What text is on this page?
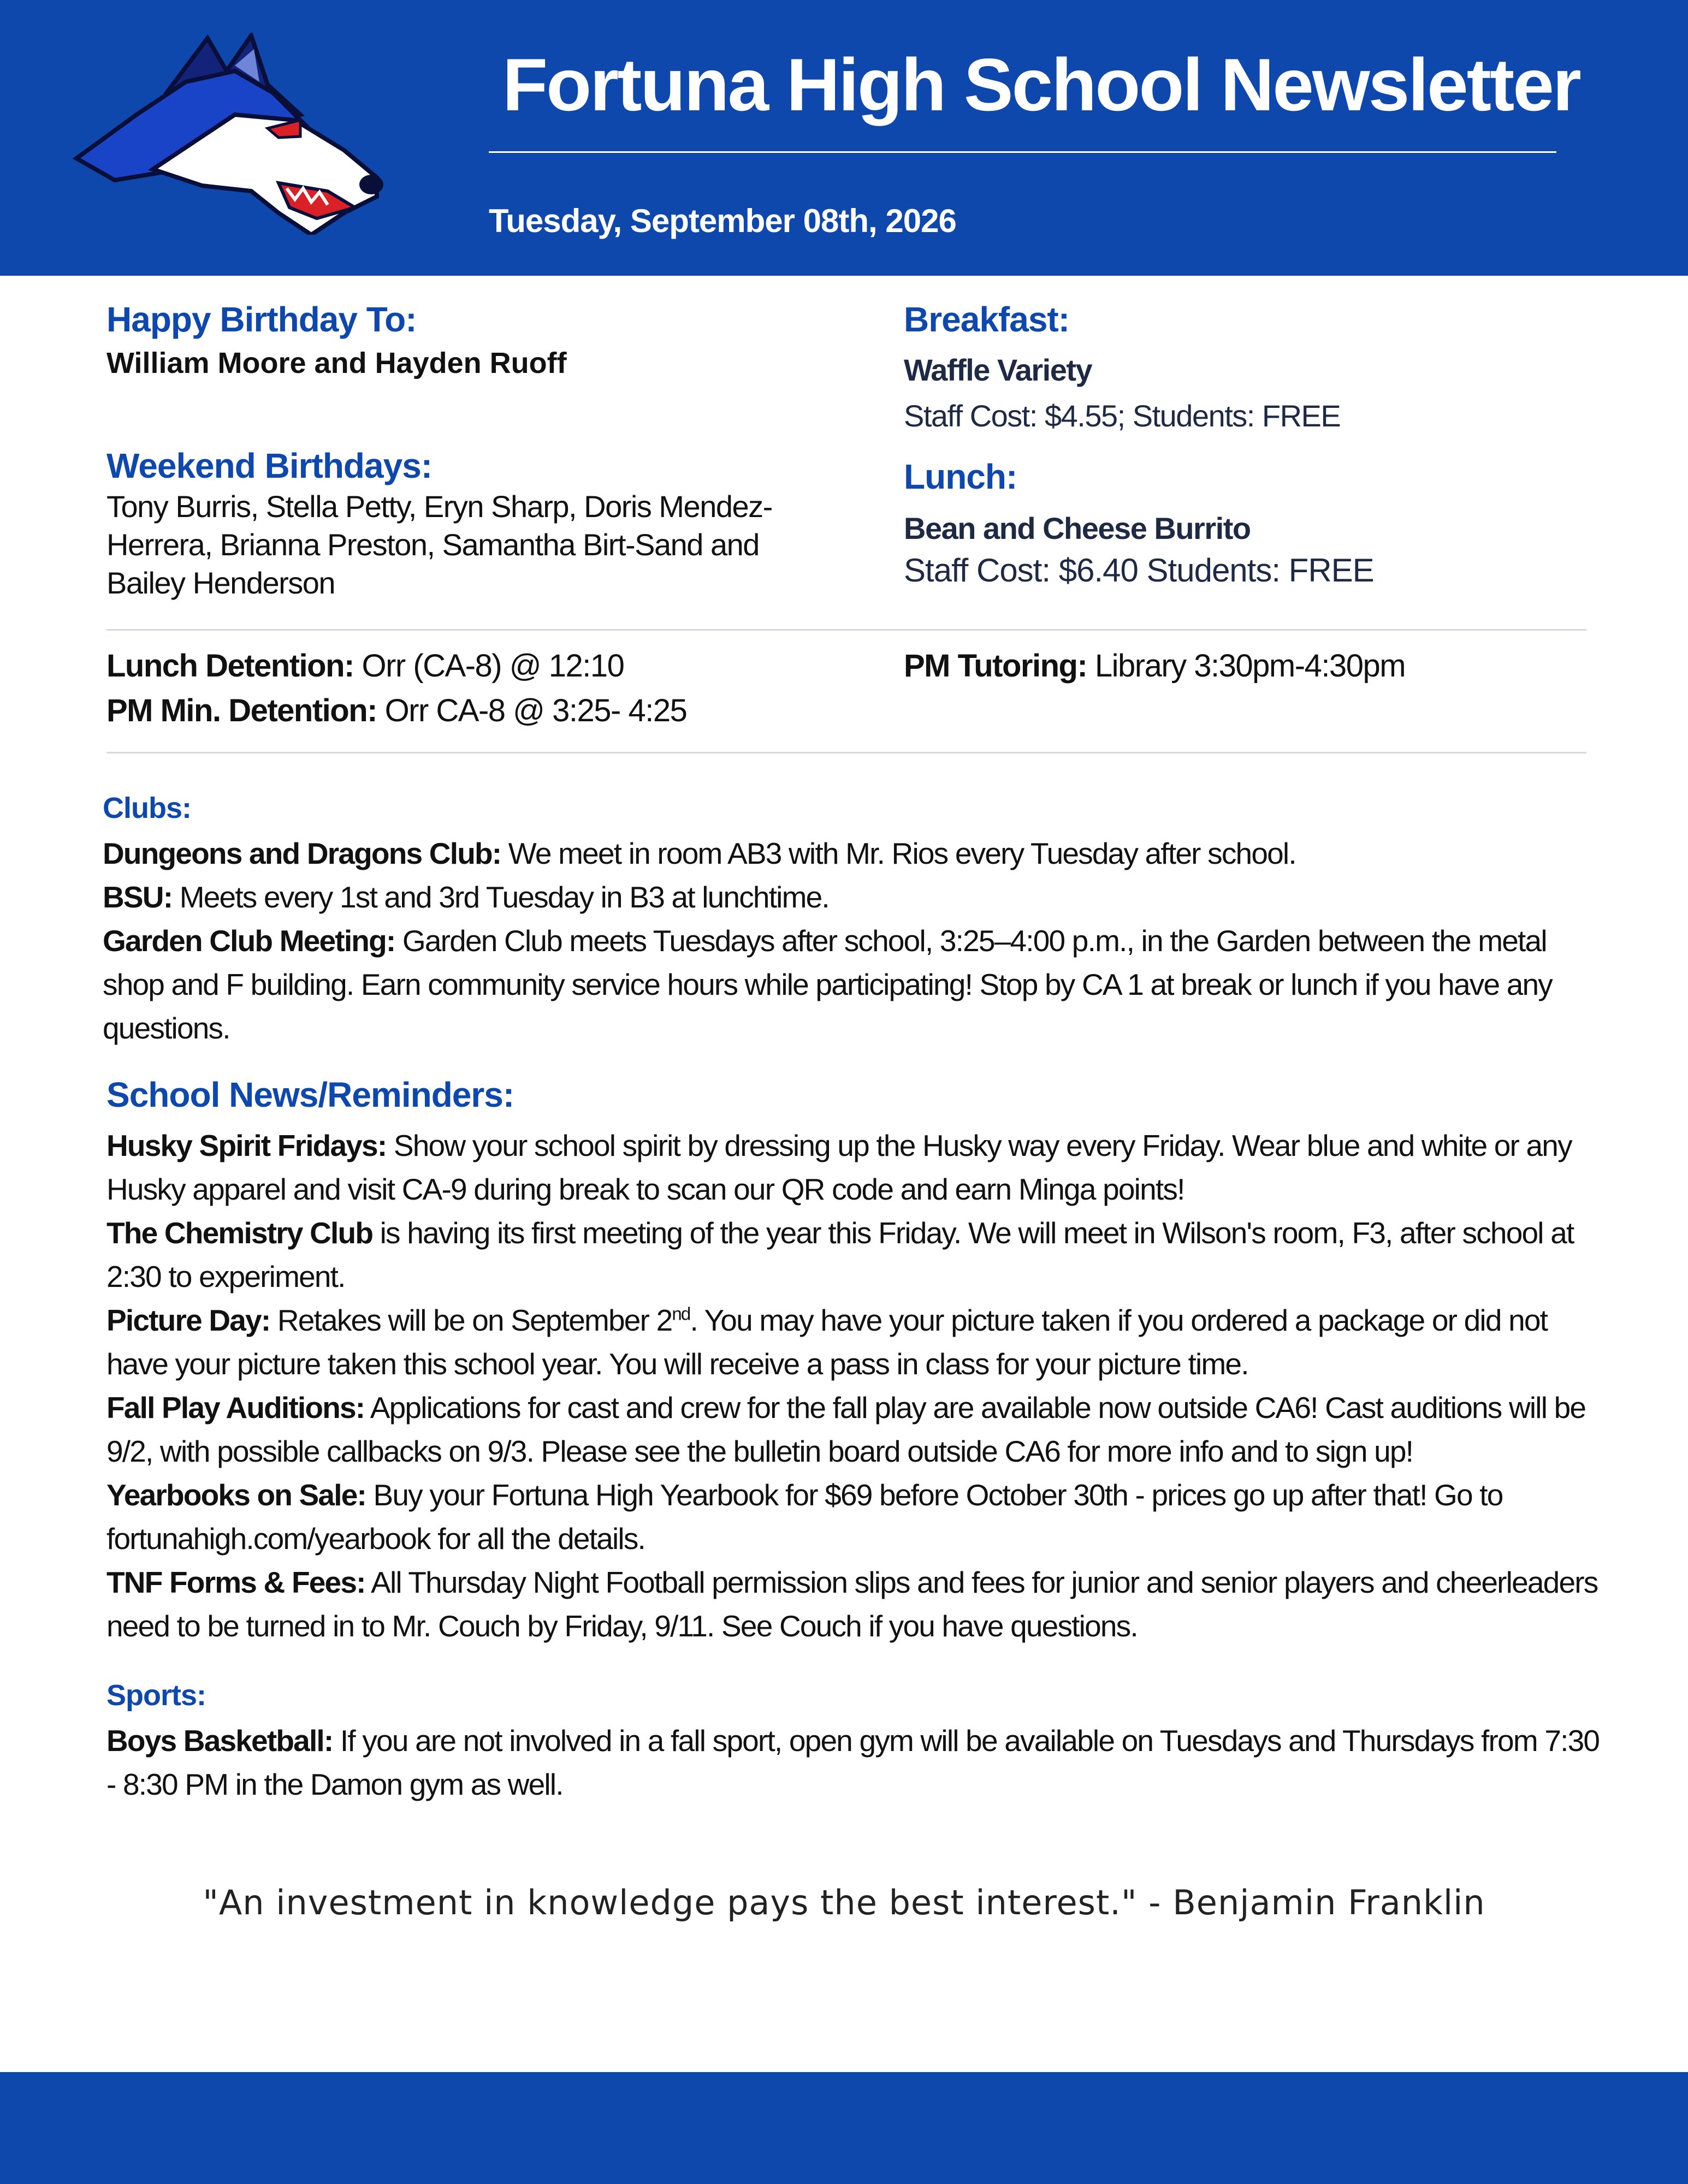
Fortuna High School Newsletter
Tuesday, September 08th, 2026
Happy Birthday To:
William Moore and Hayden Ruoff
Weekend Birthdays:
Tony Burris, Stella Petty, Eryn Sharp, Doris Mendez- Herrera, Brianna Preston, Samantha Birt-Sand and Bailey Henderson
Breakfast:
Waffle Variety
Staff Cost: $4.55; Students: FREE
Lunch:
Bean and Cheese Burrito
Staff Cost: $6.40 Students: FREE
Lunch Detention: Orr (CA-8) @ 12:10
PM Min. Detention: Orr CA-8 @ 3:25- 4:25
PM Tutoring: Library 3:30pm-4:30pm
Clubs:
Dungeons and Dragons Club: We meet in room AB3 with Mr. Rios every Tuesday after school.
BSU: Meets every 1st and 3rd Tuesday in B3 at lunchtime.
Garden Club Meeting: Garden Club meets Tuesdays after school, 3:25–4:00 p.m., in the Garden between the metal shop and F building. Earn community service hours while participating! Stop by CA 1 at break or lunch if you have any questions.
School News/Reminders:
Husky Spirit Fridays: Show your school spirit by dressing up the Husky way every Friday. Wear blue and white or any Husky apparel and visit CA-9 during break to scan our QR code and earn Minga points!
The Chemistry Club is having its first meeting of the year this Friday. We will meet in Wilson's room, F3, after school at 2:30 to experiment.
Picture Day: Retakes will be on September 2nd. You may have your picture taken if you ordered a package or did not have your picture taken this school year. You will receive a pass in class for your picture time.
Fall Play Auditions: Applications for cast and crew for the fall play are available now outside CA6! Cast auditions will be 9/2, with possible callbacks on 9/3. Please see the bulletin board outside CA6 for more info and to sign up!
Yearbooks on Sale: Buy your Fortuna High Yearbook for $69 before October 30th - prices go up after that! Go to fortunahigh.com/yearbook for all the details.
TNF Forms & Fees: All Thursday Night Football permission slips and fees for junior and senior players and cheerleaders need to be turned in to Mr. Couch by Friday, 9/11. See Couch if you have questions.
Sports:
Boys Basketball: If you are not involved in a fall sport, open gym will be available on Tuesdays and Thursdays from 7:30 - 8:30 PM in the Damon gym as well.
"An investment in knowledge pays the best interest." - Benjamin Franklin
